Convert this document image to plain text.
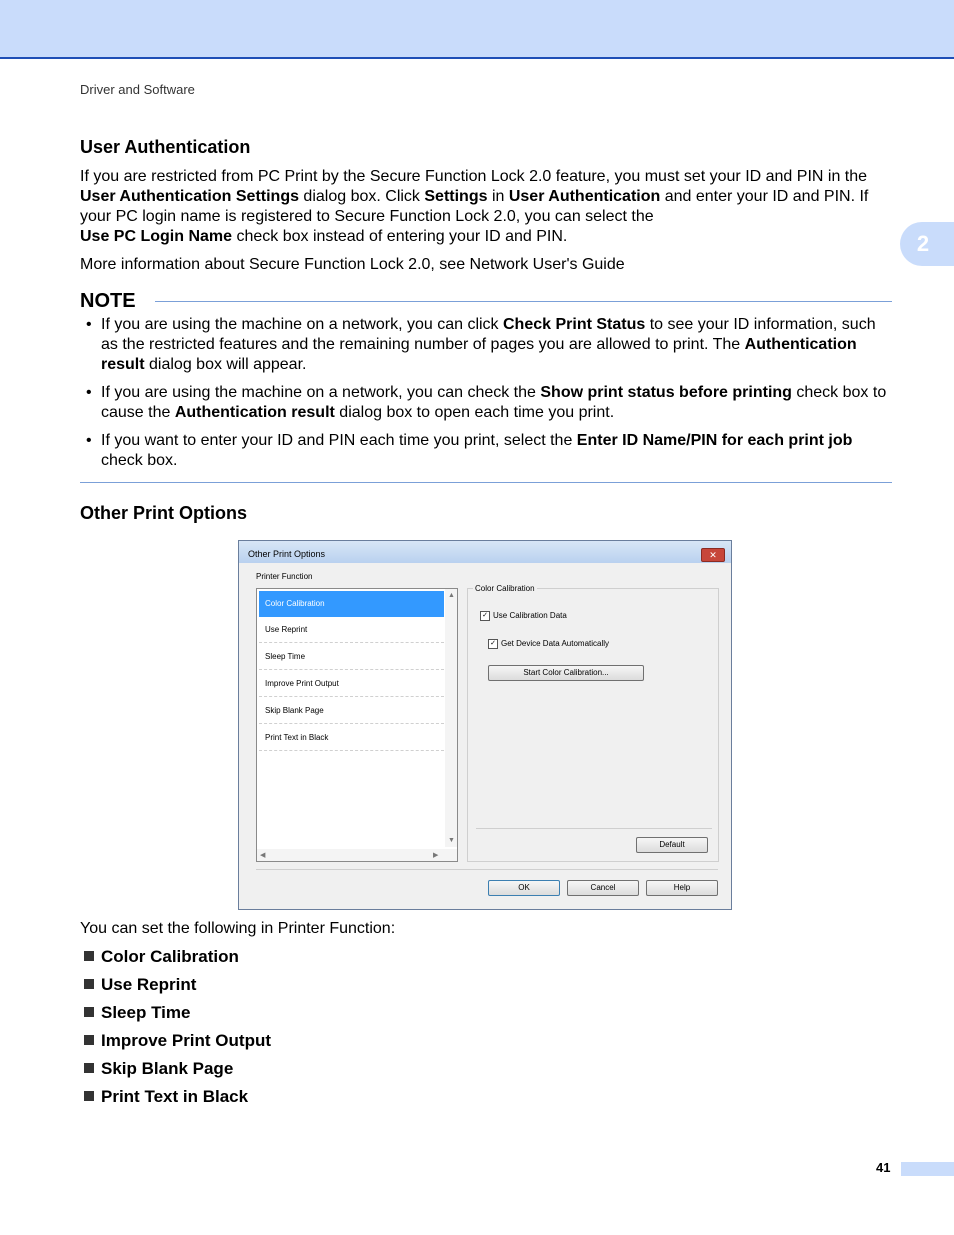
Driver and Software
2
User Authentication
If you are restricted from PC Print by the Secure Function Lock 2.0 feature, you must set your ID and PIN in the User Authentication Settings dialog box. Click Settings in User Authentication and enter your ID and PIN. If your PC login name is registered to Secure Function Lock 2.0, you can select the
Use PC Login Name check box instead of entering your ID and PIN.
More information about Secure Function Lock 2.0, see Network User's Guide
NOTE
• If you are using the machine on a network, you can click Check Print Status to see your ID information, such as the restricted features and the remaining number of pages you are allowed to print. The Authentication result dialog box will appear.
• If you are using the machine on a network, you can check the Show print status before printing check box to cause the Authentication result dialog box to open each time you print.
• If you want to enter your ID and PIN each time you print, select the Enter ID Name/PIN for each print job check box.
Other Print Options
Other Print Options	✕
Printer Function
Color Calibration
Use Reprint
Sleep Time
Improve Print Output
Skip Blank Page
Print Text in Black
▲
▼
◀	▶
Color Calibration
✓ Use Calibration Data
✓ Get Device Data Automatically
Start Color Calibration...
Default
OK	Cancel	Help
You can set the following in Printer Function:
Color Calibration
Use Reprint
Sleep Time
Improve Print Output
Skip Blank Page
Print Text in Black
41
